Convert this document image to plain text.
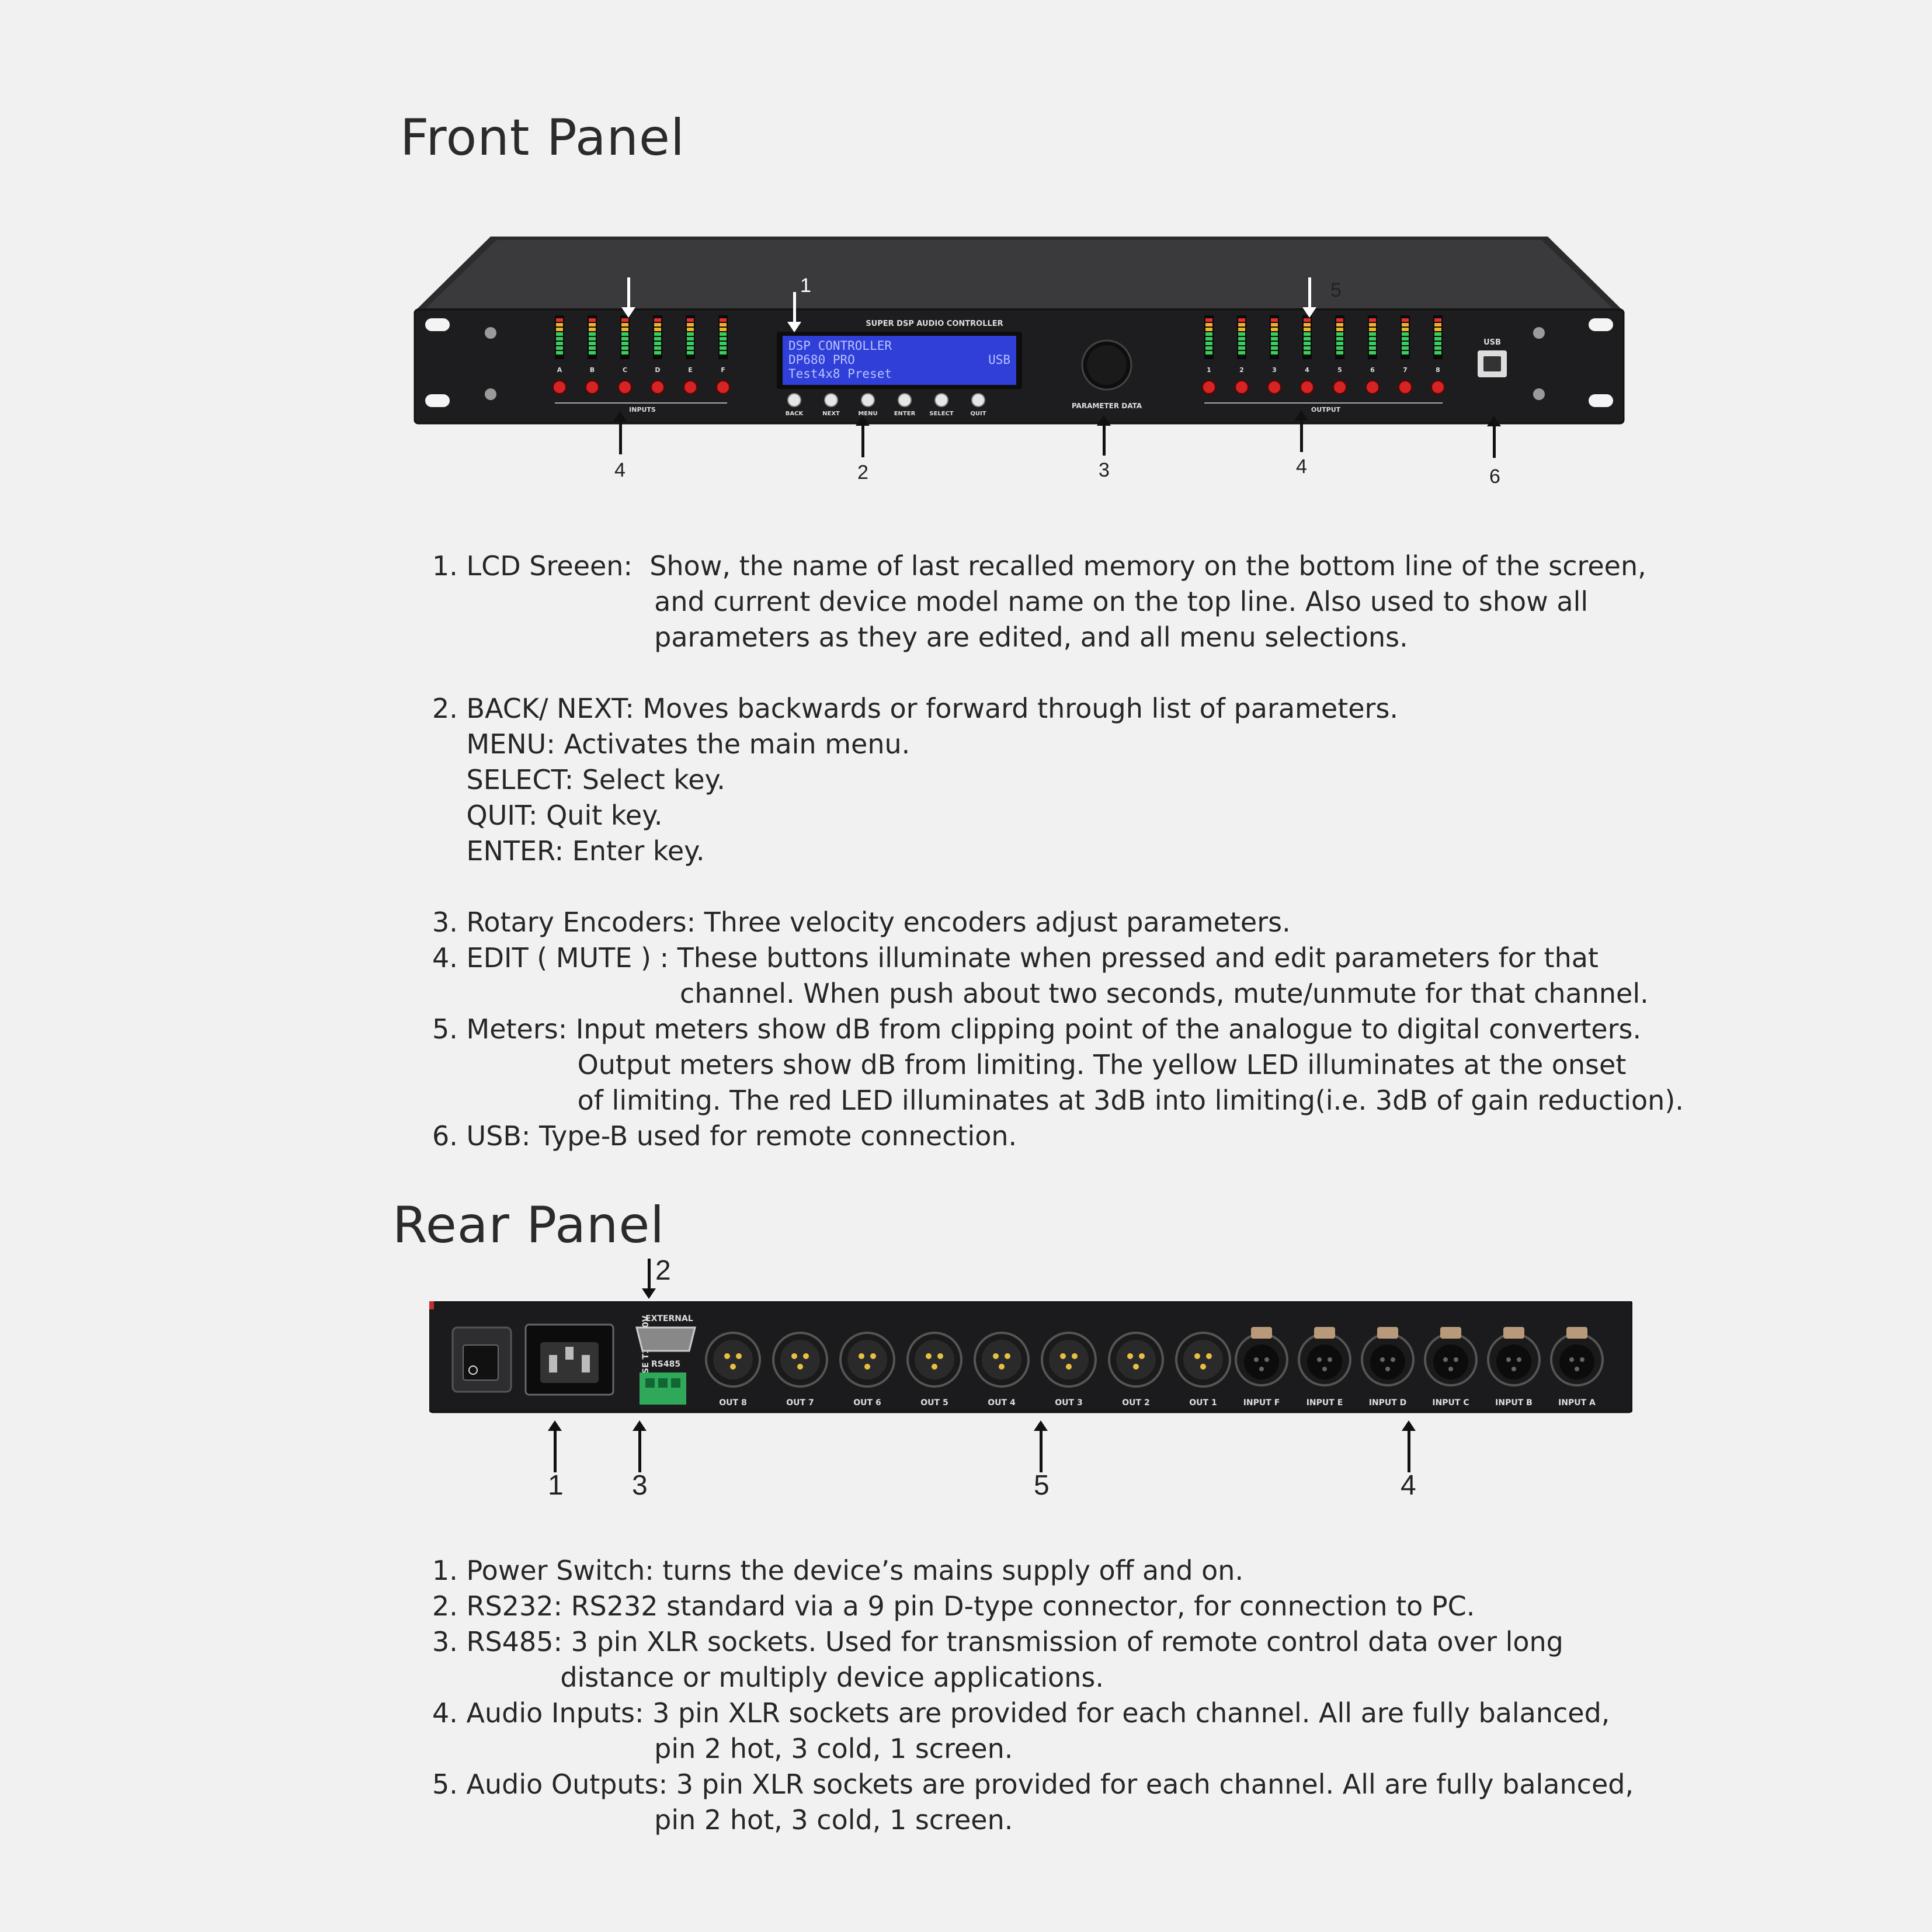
Front Panel
A	B	C	D	E	F
INPUTS
1	2	3	4	5	6	7	8
OUTPUT
SUPER DSP AUDIO CONTROLLER
DSP CONTROLLER
DP680 PRO
Test4x8 Preset
USB
BACK	NEXT	MENU	ENTER SELECT	QUIT
PARAMETER DATA
USB
1	5
4	2	3	4	6
1. LCD Sreeen:  Show, the name of last recalled memory on the bottom line of the screen,
and current device model name on the top line. Also used to show all
parameters as they are edited, and all menu selections.
2. BACK/ NEXT: Moves backwards or forward through list of parameters.
MENU: Activates the main menu.
SELECT: Select key.
QUIT: Quit key.
ENTER: Enter key.
3. Rotary Encoders: Three velocity encoders adjust parameters.
4. EDIT ( MUTE ) : These buttons illuminate when pressed and edit parameters for that
channel. When push about two seconds, mute/unmute for that channel.
5. Meters: Input meters show dB from clipping point of the analogue to digital converters.
Output meters show dB from limiting. The yellow LED illuminates at the onset
of limiting. The red LED illuminates at 3dB into limiting(i.e. 3dB of gain reduction).
6. USB: Type-B used for remote connection.
Rear Panel
2
EXTERNAL
RS485
OUT 8	OUT 7	OUT 6	OUT 5	OUT 4	OUT 3	OUT 2	OUT 1	INPUT F	INPUT E	INPUT D	INPUT C	INPUT B	INPUT A
1 3	5	4
1. Power Switch: turns the device’s mains supply off and on.
2. RS232: RS232 standard via a 9 pin D-type connector, for connection to PC.
3. RS485: 3 pin XLR sockets. Used for transmission of remote control data over long
distance or multiply device applications.
4. Audio Inputs: 3 pin XLR sockets are provided for each channel. All are fully balanced,
pin 2 hot, 3 cold, 1 screen.
5. Audio Outputs: 3 pin XLR sockets are provided for each channel. All are fully balanced,
pin 2 hot, 3 cold, 1 screen.
